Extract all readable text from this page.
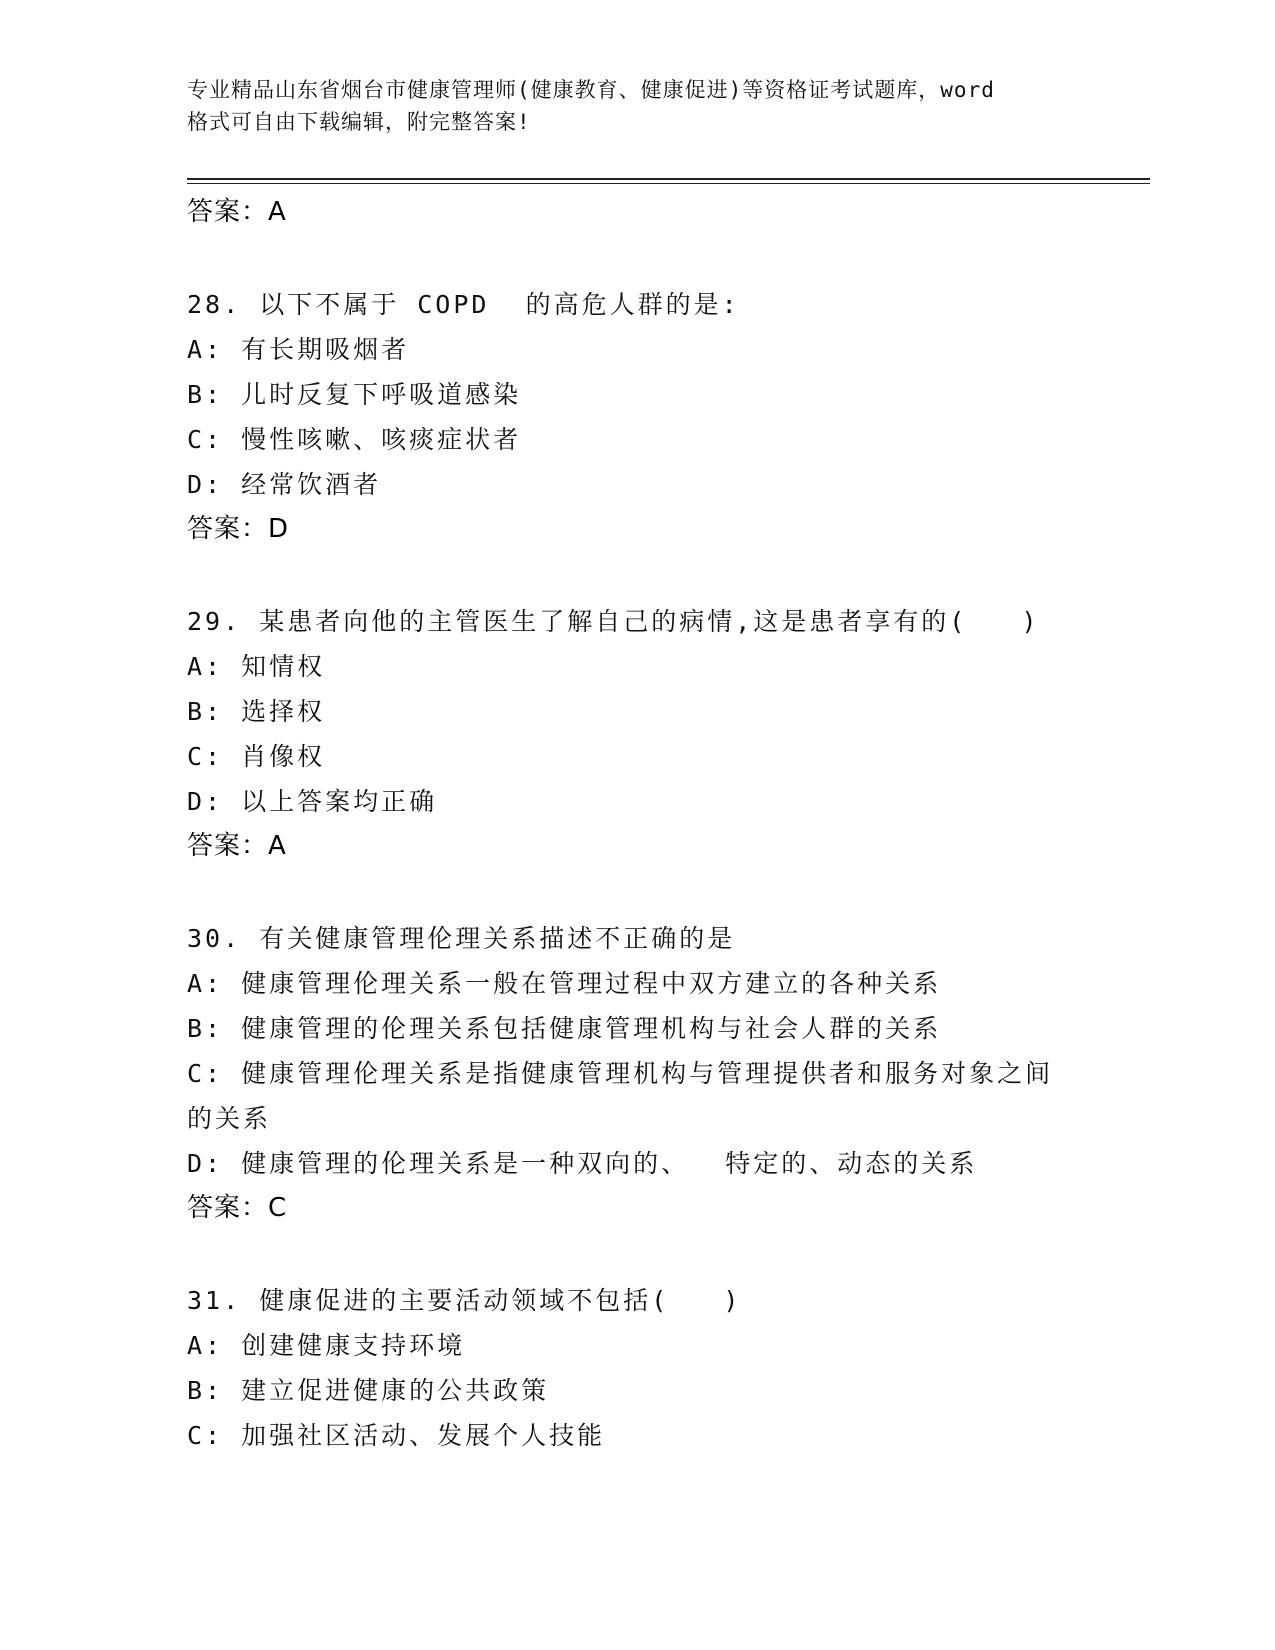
专业精品山东省烟台市健康管理师(健康教育、健康促进)等资格证考试题库，word
格式可自由下载编辑，附完整答案!
答案：A
28. 以下不属于 COPD  的高危人群的是:
A: 有长期吸烟者
B: 儿时反复下呼吸道感染
C: 慢性咳嗽、咳痰症状者
D: 经常饮酒者
答案：D
29. 某患者向他的主管医生了解自己的病情,这是患者享有的(   )
A: 知情权
B: 选择权
C: 肖像权
D: 以上答案均正确
答案：A
30. 有关健康管理伦理关系描述不正确的是
A: 健康管理伦理关系一般在管理过程中双方建立的各种关系
B: 健康管理的伦理关系包括健康管理机构与社会人群的关系
C: 健康管理伦理关系是指健康管理机构与管理提供者和服务对象之间的关系
D: 健康管理的伦理关系是一种双向的、  特定的、动态的关系
答案：C
31. 健康促进的主要活动领域不包括(   )
A: 创建健康支持环境
B: 建立促进健康的公共政策
C: 加强社区活动、发展个人技能
